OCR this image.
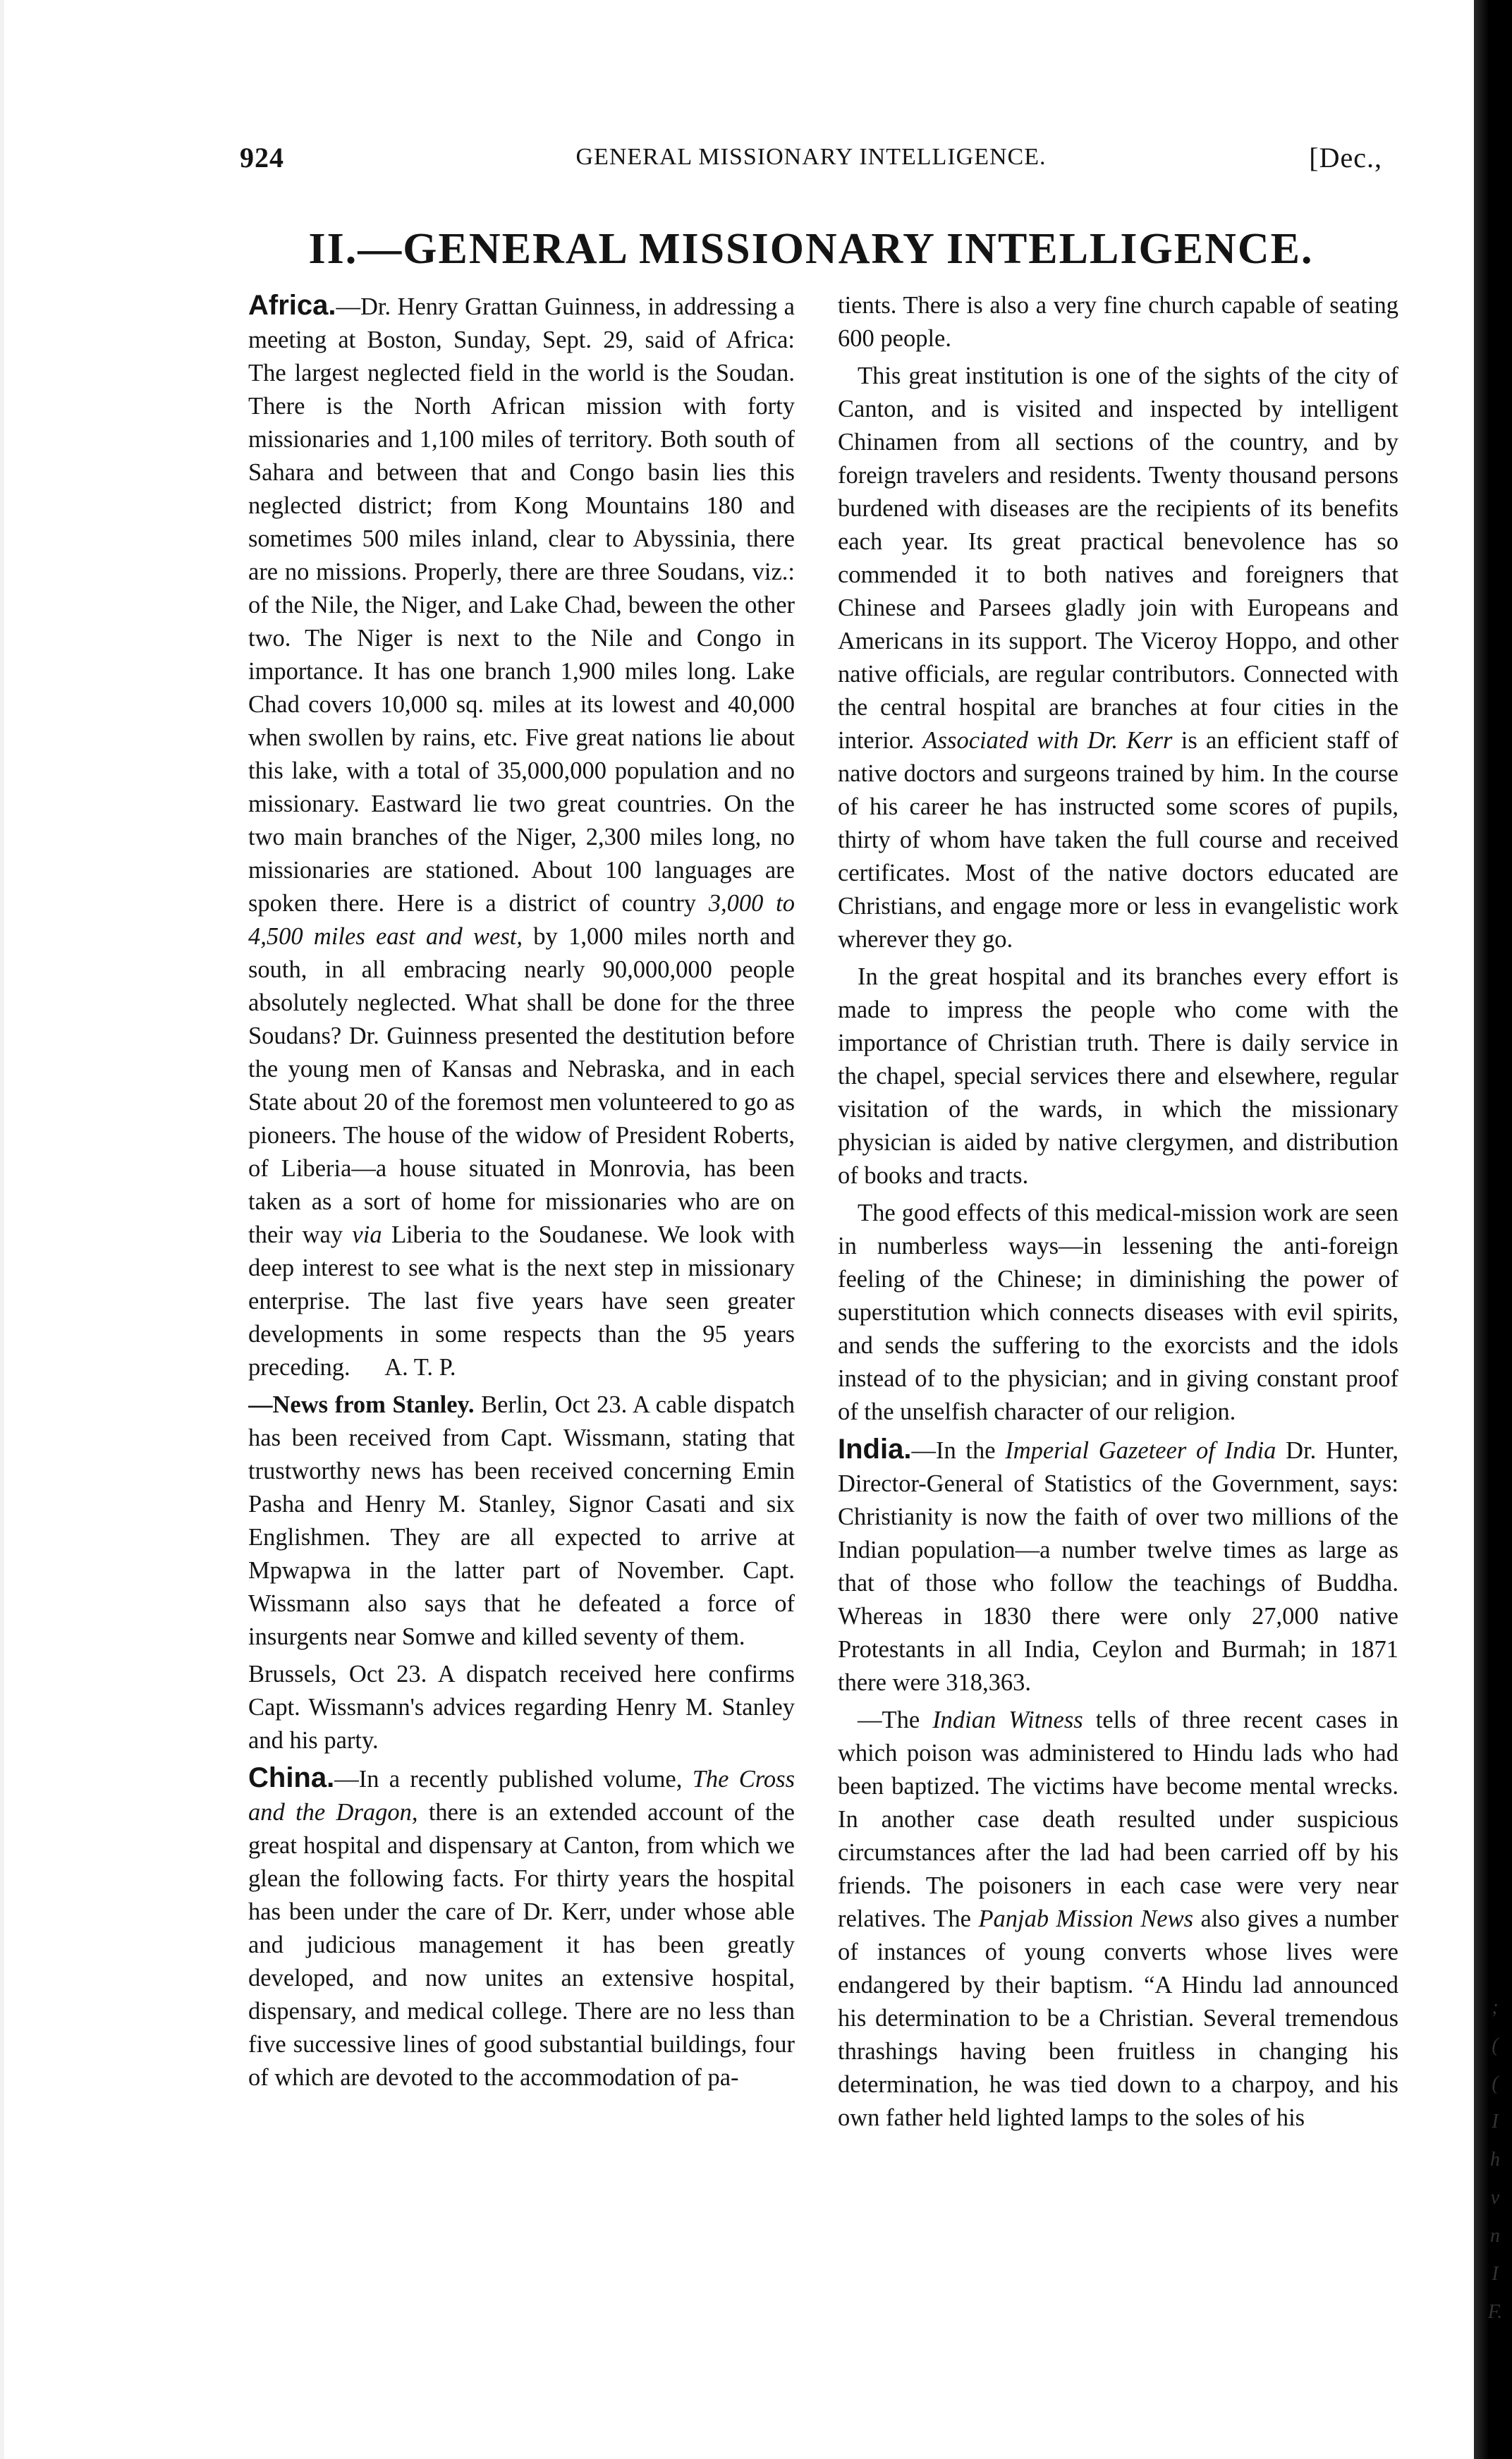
;
(
(
I
h
v
n
I
F.
924	GENERAL MISSIONARY INTELLIGENCE.	[Dec.,
II.—GENERAL MISSIONARY INTELLIGENCE.

Africa.—Dr. Henry Grattan Guinness, in addressing a meeting at Boston, Sunday, Sept. 29, said of Africa: The largest neglected field in the world is the Soudan. There is the North African mission with forty missionaries and 1,100 miles of territory. Both south of Sahara and between that and Congo basin lies this neglected district; from Kong Mountains 180 and sometimes 500 miles inland, clear to Abyssinia, there are no missions. Properly, there are three Soudans, viz.: of the Nile, the Niger, and Lake Chad, beween the other two. The Niger is next to the Nile and Congo in importance. It has one branch 1,900 miles long. Lake Chad covers 10,000 sq. miles at its lowest and 40,000 when swollen by rains, etc. Five great nations lie about this lake, with a total of 35,000,000 population and no missionary. Eastward lie two great countries. On the two main branches of the Niger, 2,300 miles long, no missionaries are stationed. About 100 languages are spoken there. Here is a district of country 3,000 to 4,500 miles east and west, by 1,000 miles north and south, in all embracing nearly 90,000,000 people absolutely neglected. What shall be done for the three Soudans? Dr. Guinness presented the destitution before the young men of Kansas and Nebraska, and in each State about 20 of the foremost men volunteered to go as pioneers. The house of the widow of President Roberts, of Liberia—a house situated in Monrovia, has been taken as a sort of home for missionaries who are on their way via Liberia to the Soudanese. We look with deep interest to see what is the next step in missionary enterprise. The last five years have seen greater developments in some respects than the 95 years preceding. A. T. P.

—News from Stanley. Berlin, Oct 23. A cable dispatch has been received from Capt. Wissmann, stating that trustworthy news has been received concerning Emin Pasha and Henry M. Stanley, Signor Casati and six Englishmen. They are all expected to arrive at Mpwapwa in the latter part of November. Capt. Wissmann also says that he defeated a force of insurgents near Somwe and killed seventy of them.

Brussels, Oct 23. A dispatch received here confirms Capt. Wissmann's advices regarding Henry M. Stanley and his party.

China.—In a recently published volume, The Cross and the Dragon, there is an extended account of the great hospital and dispensary at Canton, from which we glean the following facts. For thirty years the hospital has been under the care of Dr. Kerr, under whose able and judicious management it has been greatly developed, and now unites an extensive hospital, dispensary, and medical college. There are no less than five successive lines of good substantial buildings, four of which are devoted to the accommodation of pa-

tients. There is also a very fine church capable of seating 600 people.

This great institution is one of the sights of the city of Canton, and is visited and inspected by intelligent Chinamen from all sections of the country, and by foreign travelers and residents. Twenty thousand persons burdened with diseases are the recipients of its benefits each year. Its great practical benevolence has so commended it to both natives and foreigners that Chinese and Parsees gladly join with Europeans and Americans in its support. The Viceroy Hoppo, and other native officials, are regular contributors. Connected with the central hospital are branches at four cities in the interior. Associated with Dr. Kerr is an efficient staff of native doctors and surgeons trained by him. In the course of his career he has instructed some scores of pupils, thirty of whom have taken the full course and received certificates. Most of the native doctors educated are Christians, and engage more or less in evangelistic work wherever they go.

In the great hospital and its branches every effort is made to impress the people who come with the importance of Christian truth. There is daily service in the chapel, special services there and elsewhere, regular visitation of the wards, in which the missionary physician is aided by native clergymen, and distribution of books and tracts.

The good effects of this medical-mission work are seen in numberless ways—in lessening the anti-foreign feeling of the Chinese; in diminishing the power of superstitution which connects diseases with evil spirits, and sends the suffering to the exorcists and the idols instead of to the physician; and in giving constant proof of the unselfish character of our religion.

India.—In the Imperial Gazeteer of India Dr. Hunter, Director-General of Statistics of the Government, says: Christianity is now the faith of over two millions of the Indian population—a number twelve times as large as that of those who follow the teachings of Buddha. Whereas in 1830 there were only 27,000 native Protestants in all India, Ceylon and Burmah; in 1871 there were 318,363.

—The Indian Witness tells of three recent cases in which poison was administered to Hindu lads who had been baptized. The victims have become mental wrecks. In another case death resulted under suspicious circumstances after the lad had been carried off by his friends. The poisoners in each case were very near relatives. The Panjab Mission News also gives a number of instances of young converts whose lives were endangered by their baptism. “A Hindu lad announced his determination to be a Christian. Several tremendous thrashings having been fruitless in changing his determination, he was tied down to a charpoy, and his own father held lighted lamps to the soles of his
